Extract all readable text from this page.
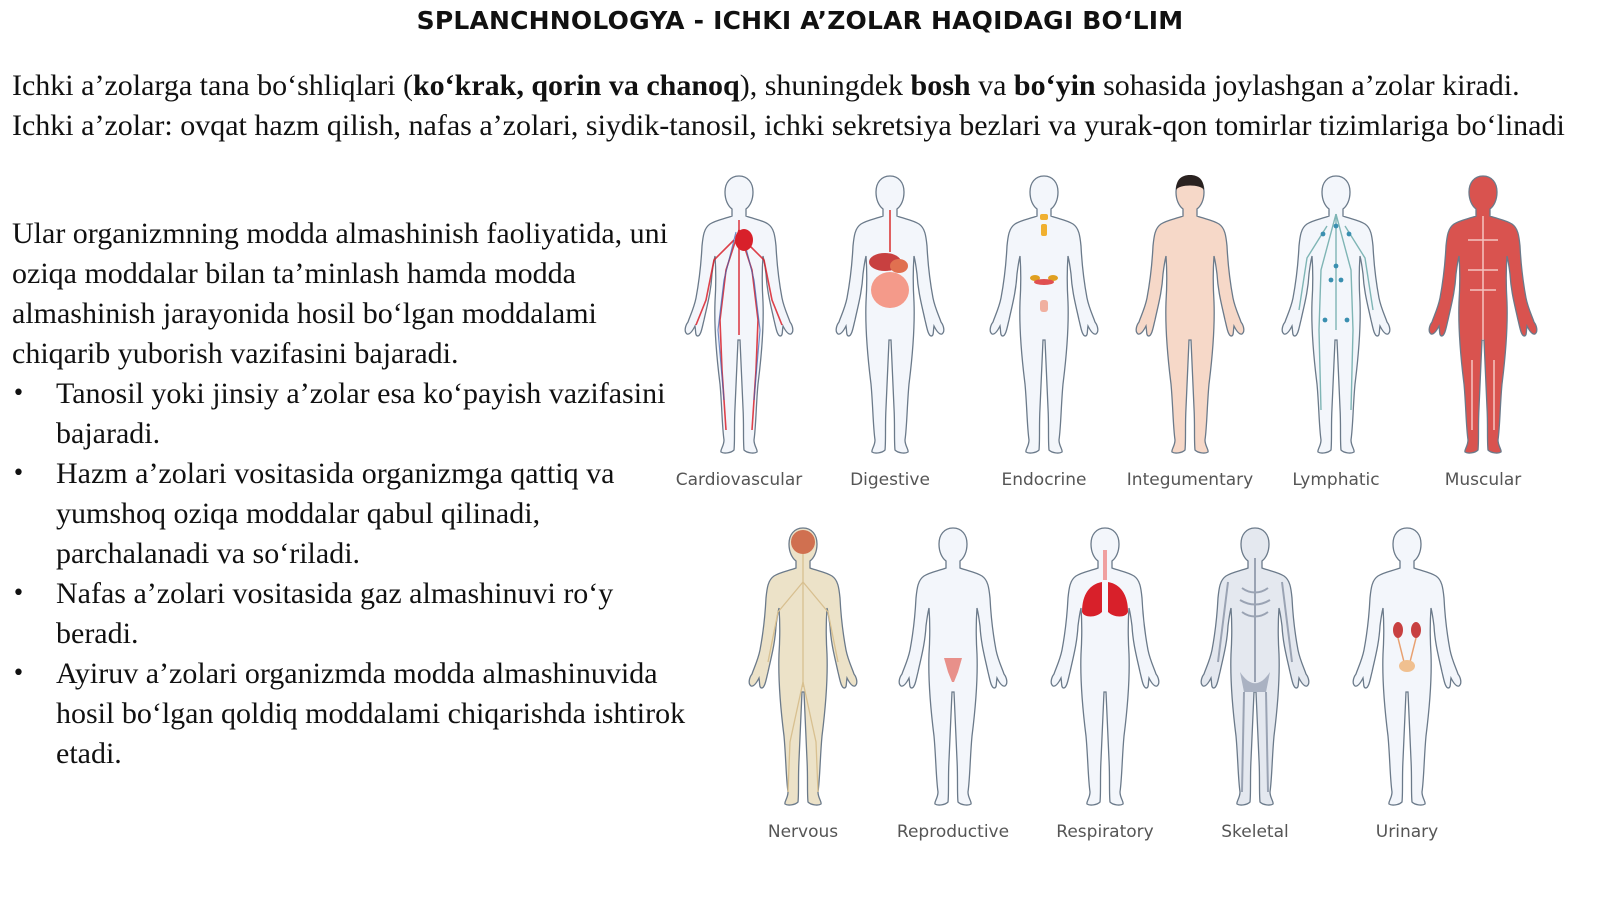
SPLANCHNOLOGYA - ICHKI A’ZOLAR HAQIDAGI BO‘LIM

Ichki a’zolarga tana bo‘shliqlari (ko‘krak, qorin va chanoq), shuningdek bosh va bo‘yin sohasida joylashgan a’zolar kiradi. Ichki a’zolar: ovqat hazm qilish, nafas a’zolari, siydik-tanosil, ichki sekretsiya bezlari va yurak-qon tomirlar tizimlariga bo‘linadi

Ular organizmning modda almashinish faoliyatida, uni oziqa moddalar bilan ta’minlash hamda modda almashinish jarayonida hosil bo‘lgan moddalami chiqarib yuborish vazifasini bajaradi.

• Tanosil yoki jinsiy a’zolar esa ko‘payish vazifasini bajaradi.
• Hazm a’zolari vositasida organizmga qattiq va yumshoq oziqa moddalar qabul qilinadi, parchalanadi va so‘riladi.
• Nafas a’zolari vositasida gaz almashinuvi ro‘y beradi.
• Ayiruv a’zolari organizmda modda almashinuvida hosil bo‘lgan qoldiq moddalami chiqarishda ishtirok etadi.
Cardiovascular	Digestive	Endocrine	Integumentary	Lymphatic	Muscular
Nervous	Reproductive	Respiratory	Skeletal	Urinary
